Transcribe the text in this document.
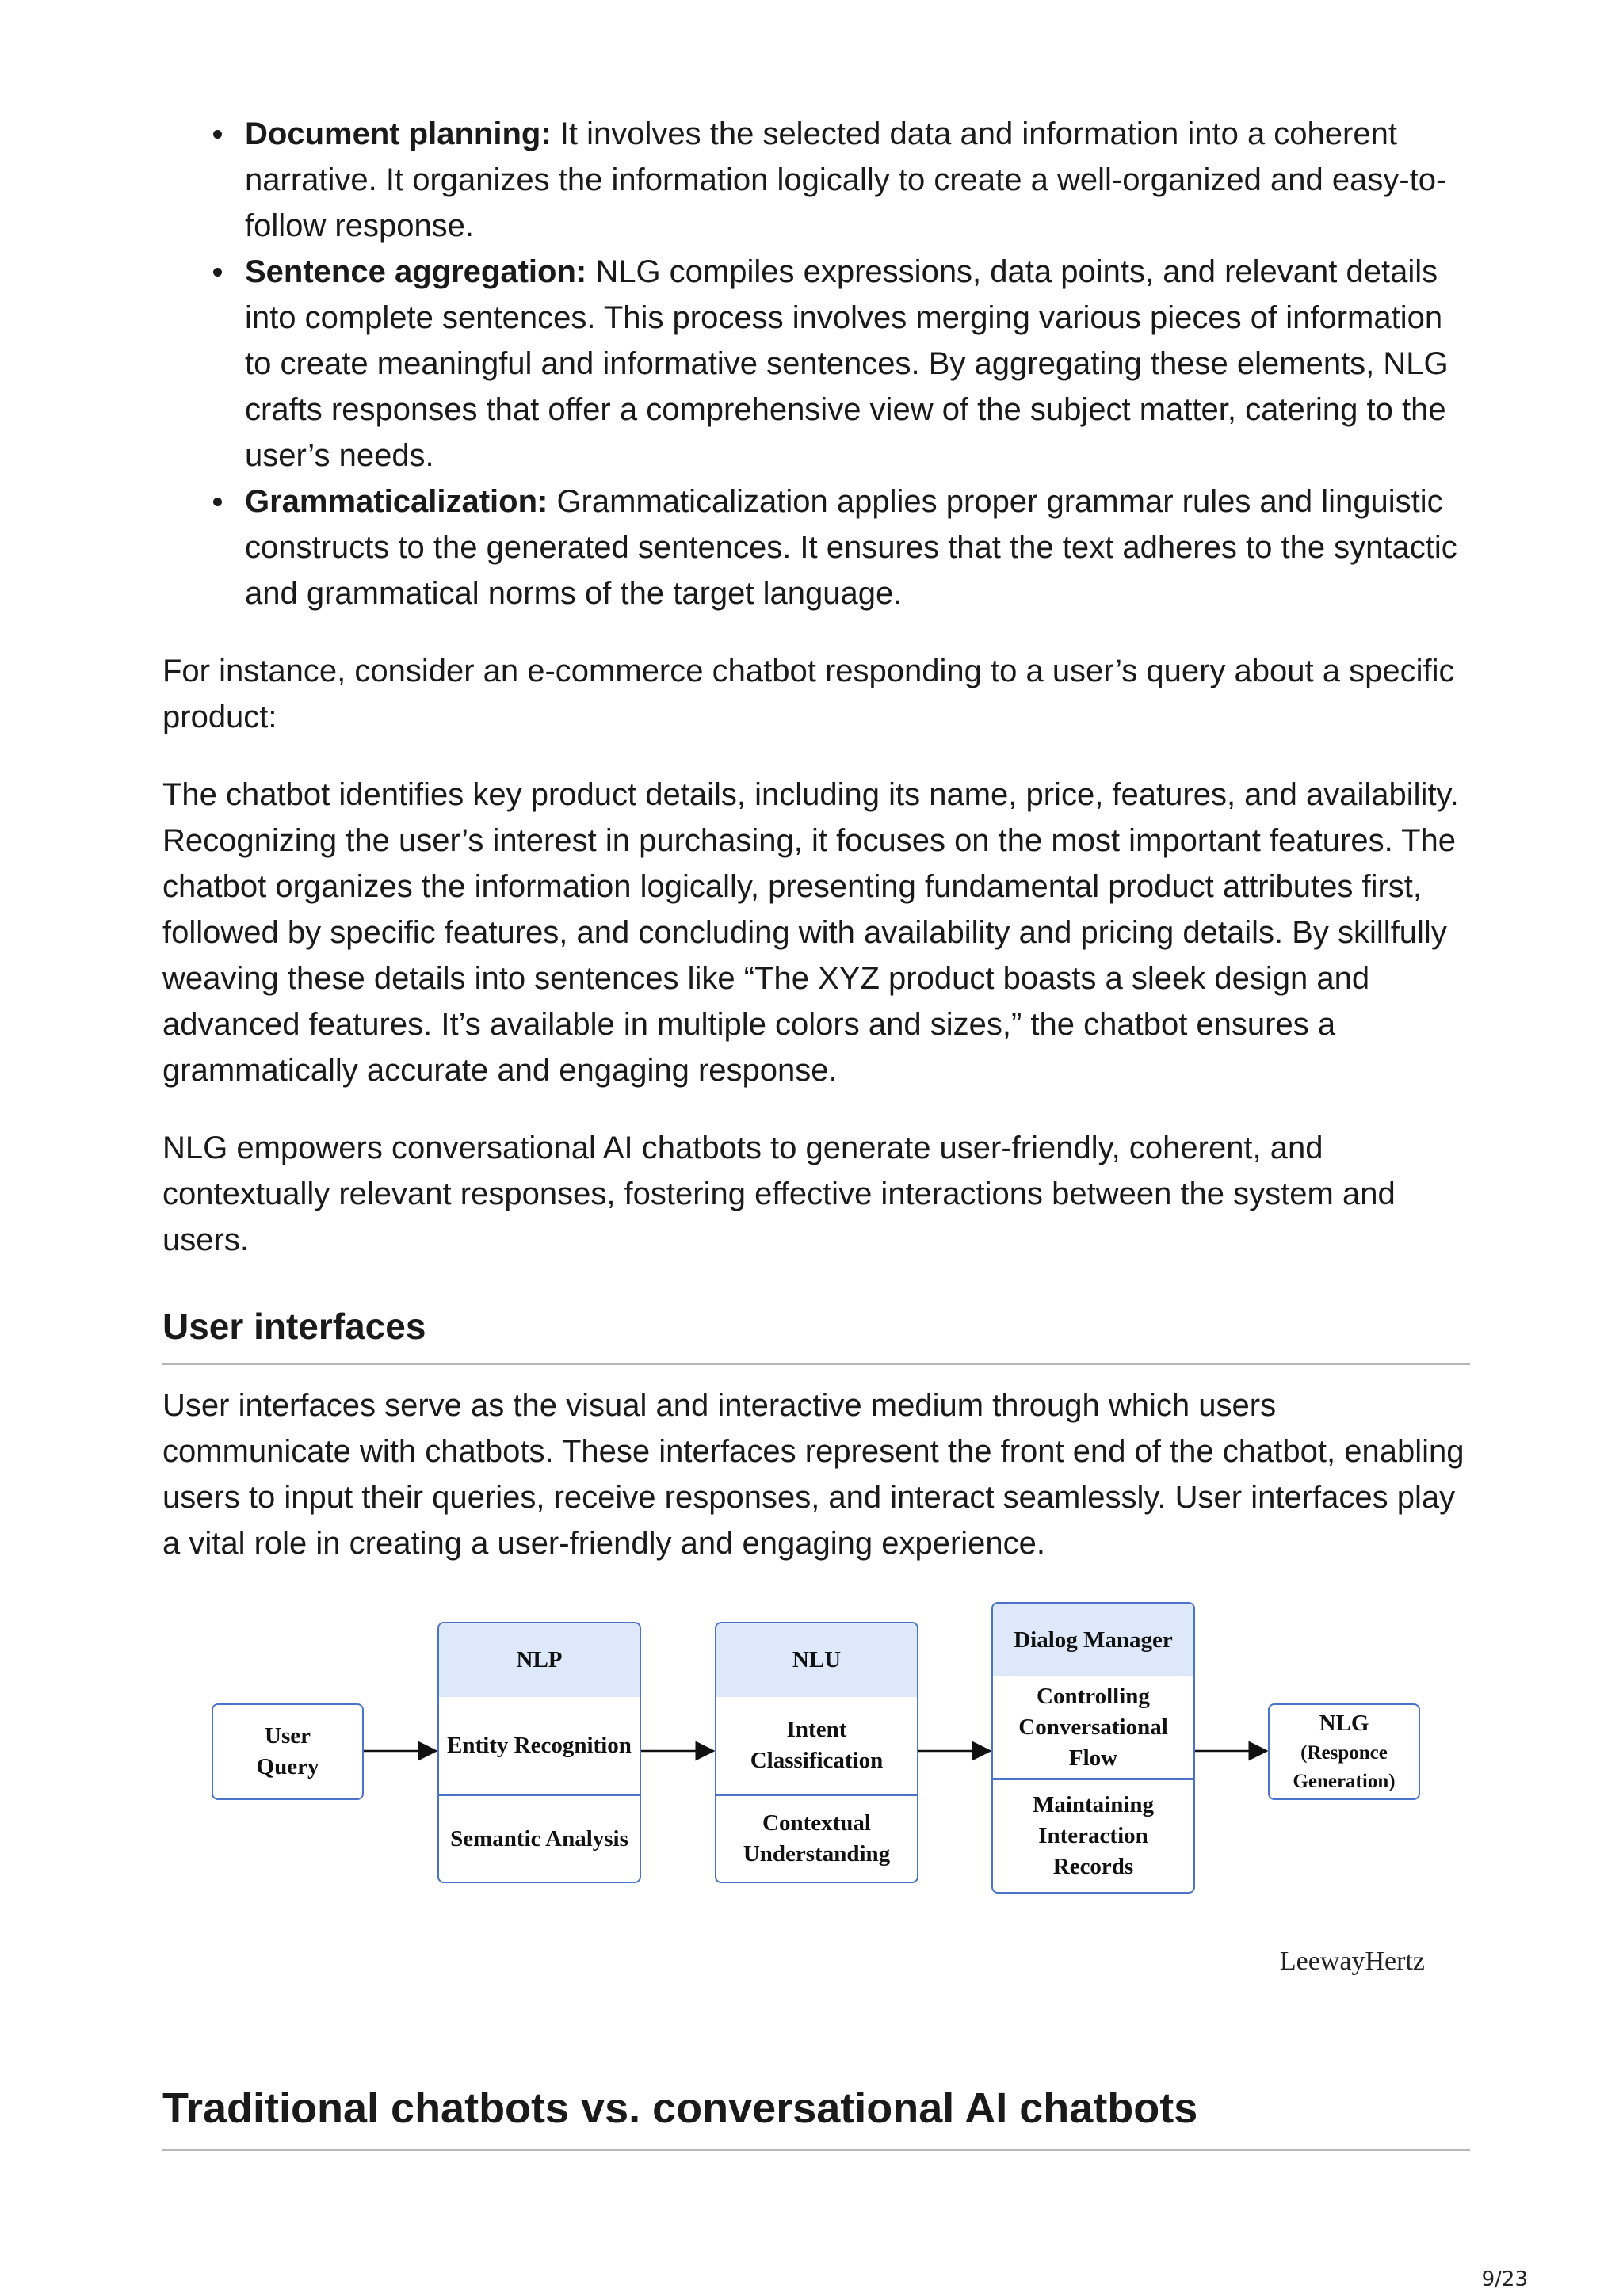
Document planning: It involves the selected data and information into a coherent narrative. It organizes the information logically to create a well-organized and easy-to-follow response.
Sentence aggregation: NLG compiles expressions, data points, and relevant details into complete sentences. This process involves merging various pieces of information to create meaningful and informative sentences. By aggregating these elements, NLG crafts responses that offer a comprehensive view of the subject matter, catering to the user’s needs.
Grammaticalization: Grammaticalization applies proper grammar rules and linguistic constructs to the generated sentences. It ensures that the text adheres to the syntactic and grammatical norms of the target language.

For instance, consider an e-commerce chatbot responding to a user’s query about a specific product:

The chatbot identifies key product details, including its name, price, features, and availability. Recognizing the user’s interest in purchasing, it focuses on the most important features. The chatbot organizes the information logically, presenting fundamental product attributes first, followed by specific features, and concluding with availability and pricing details. By skillfully weaving these details into sentences like “The XYZ product boasts a sleek design and advanced features. It’s available in multiple colors and sizes,” the chatbot ensures a grammatically accurate and engaging response.

NLG empowers conversational AI chatbots to generate user-friendly, coherent, and contextually relevant responses, fostering effective interactions between the system and users.

User interfaces

User interfaces serve as the visual and interactive medium through which users communicate with chatbots. These interfaces represent the front end of the chatbot, enabling users to input their queries, receive responses, and interact seamlessly. User interfaces play a vital role in creating a user-friendly and engaging experience.

User Query
NLP
Entity Recognition
Semantic Analysis
NLU
Intent Classification
Contextual Understanding
Dialog Manager
Controlling Conversational Flow
Maintaining Interaction Records
NLG
(Responce Generation)
LeewayHertz
Traditional chatbots vs. conversational AI chatbots
9/23
